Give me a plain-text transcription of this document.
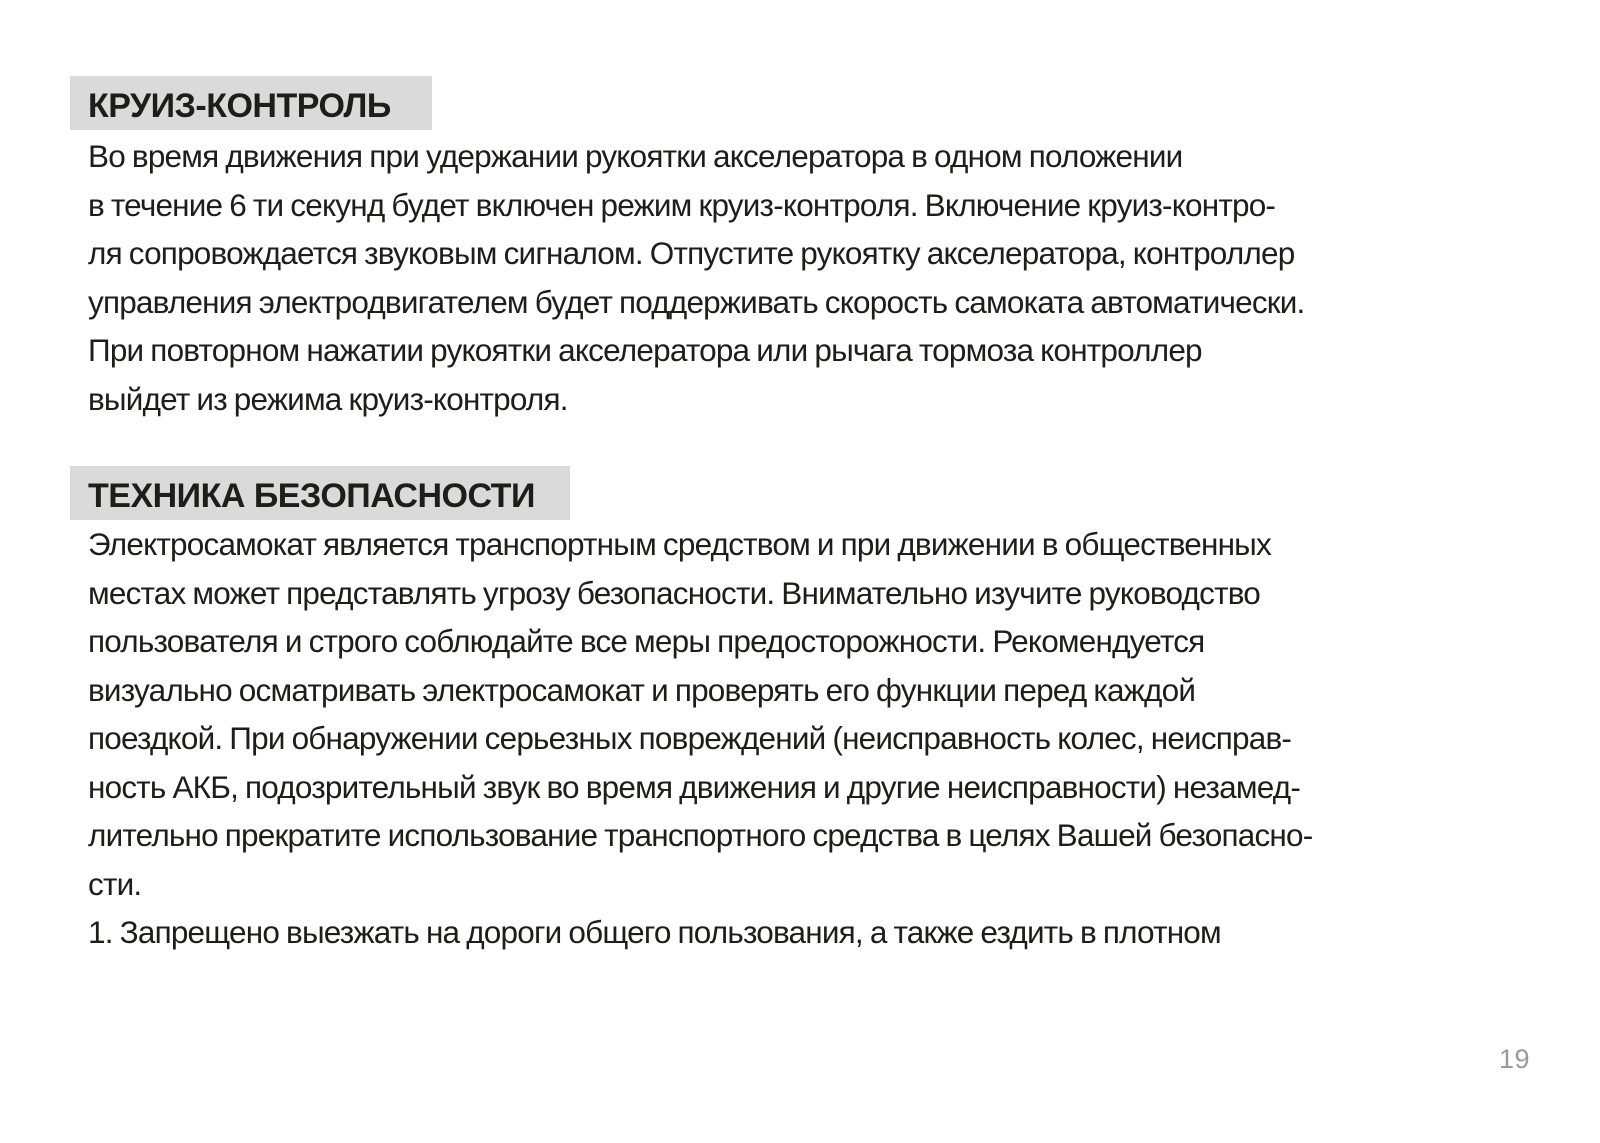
КРУИЗ-КОНТРОЛЬ
Во время движения при удержании рукоятки акселератора в одном положении
в течение 6 ти секунд будет включен режим круиз-контроля. Включение круиз-контро-
ля сопровождается звуковым сигналом. Отпустите рукоятку акселератора, контроллер
управления электродвигателем будет поддерживать скорость самоката автоматически.
При повторном нажатии рукоятки акселератора или рычага тормоза контроллер
выйдет из режима круиз-контроля.
ТЕХНИКА БЕЗОПАСНОСТИ
Электросамокат является транспортным средством и при движении в общественных
местах может представлять угрозу безопасности. Внимательно изучите руководство
пользователя и строго соблюдайте все меры предосторожности. Рекомендуется
визуально осматривать электросамокат и проверять его функции перед каждой
поездкой. При обнаружении серьезных повреждений (неисправность колес, неисправ-
ность АКБ, подозрительный звук во время движения и другие неисправности) незамед-
лительно прекратите использование транспортного средства в целях Вашей безопасно-
сти.
1. Запрещено выезжать на дороги общего пользования, а также ездить в плотном
19
